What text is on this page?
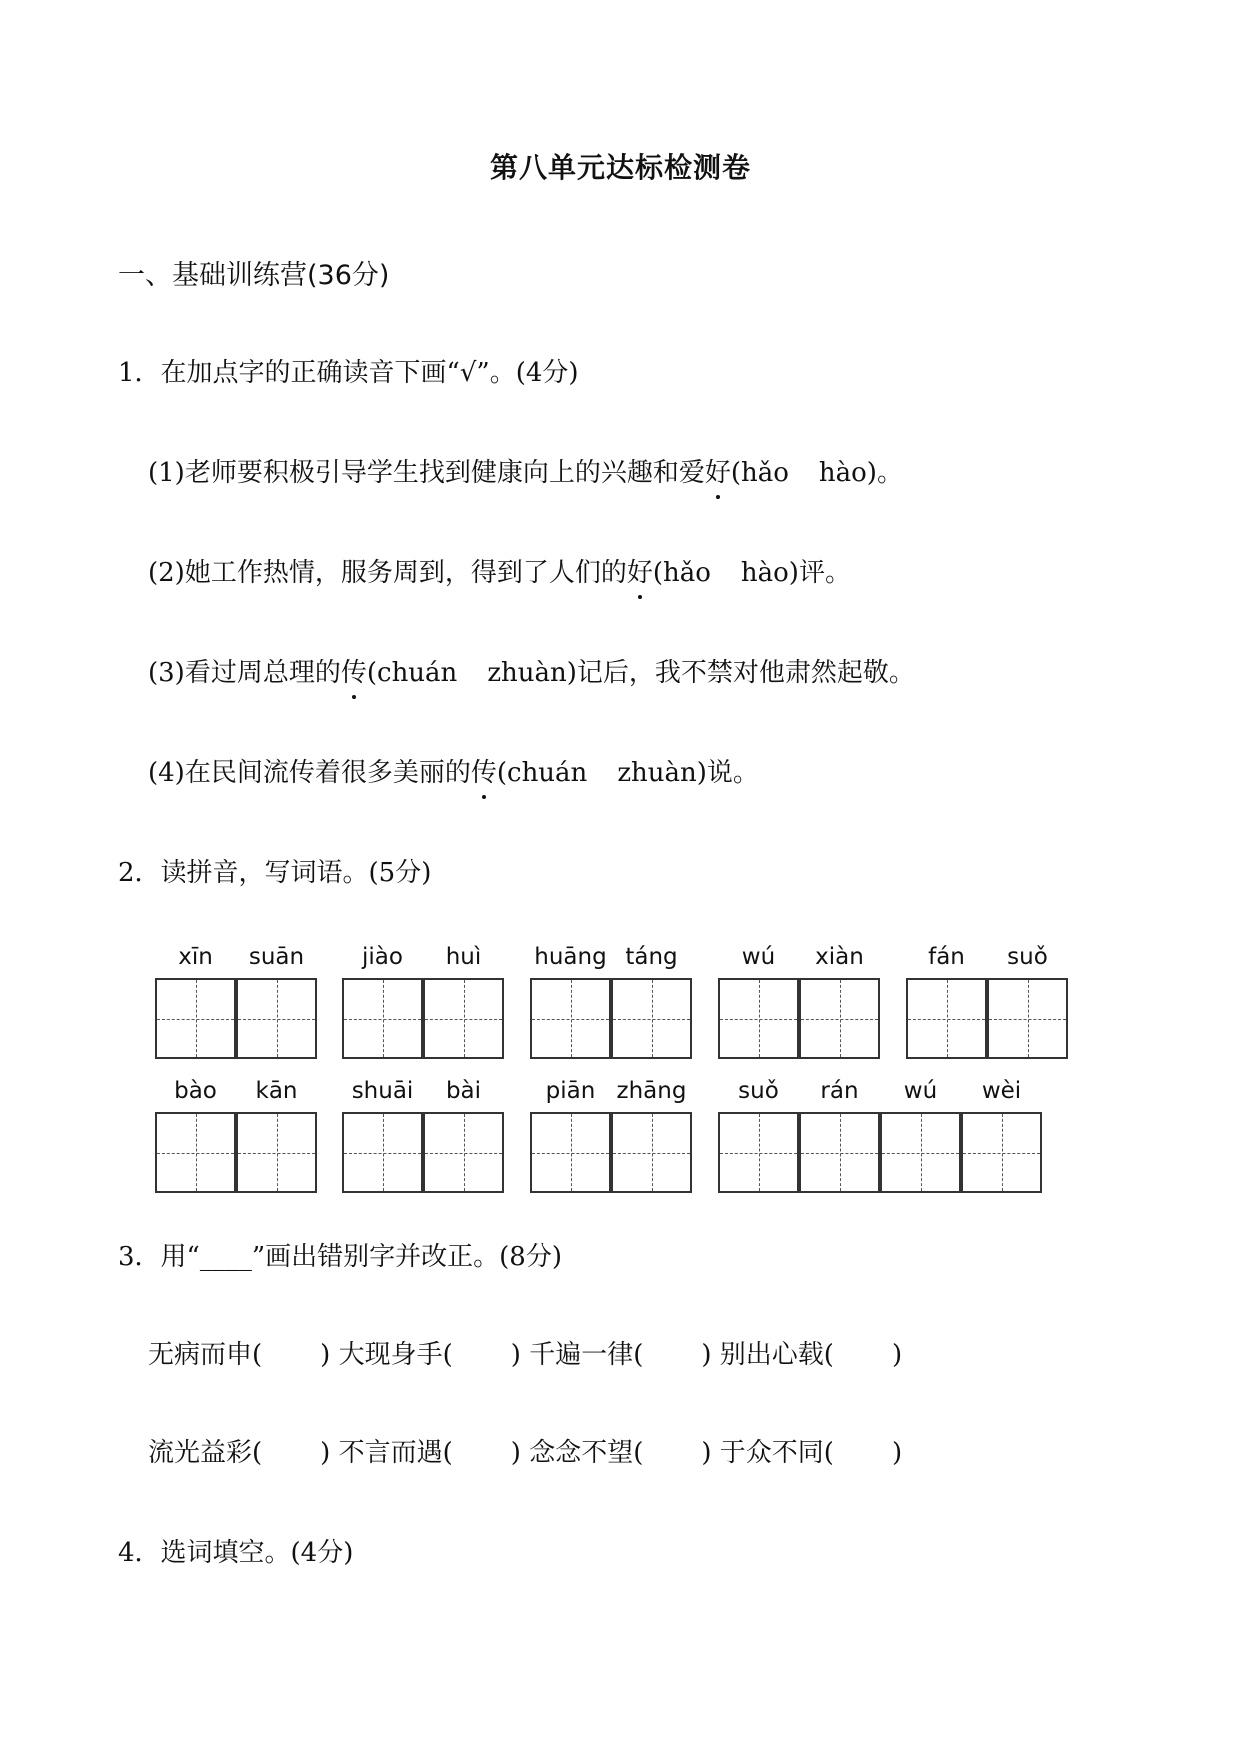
第八单元达标检测卷
一、基础训练营(36分)
1．在加点字的正确读音下画“√”。(4分)
(1)老师要积极引导学生找到健康向上的兴趣和爱好(hǎo hào)。
(2)她工作热情，服务周到，得到了人们的好(hǎo hào)评。
(3)看过周总理的传(chuán zhuàn)记后，我不禁对他肃然起敬。
(4)在民间流传着很多美丽的传(chuán zhuàn)说。
2．读拼音，写词语。(5分)
xīn	suān	jiào	huì	huāng táng	wú	xiàn	fán	suǒ
bào	kān	shuāi	bài	piān zhāng	suǒ	rán	wú	wèi
3．用“____”画出错别字并改正。(8分)
无病而申( ) 大现身手( ) 千遍一律( ) 别出心载( )
流光益彩( ) 不言而遇( ) 念念不望( ) 于众不同( )
4．选词填空。(4分)
